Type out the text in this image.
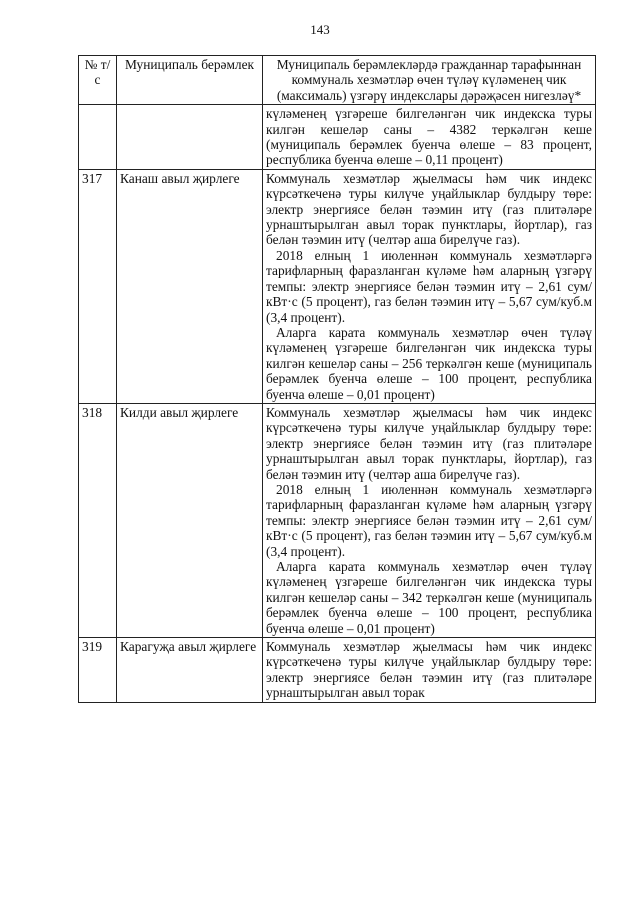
143
№ т/с	Муниципаль берәмлек	Муниципаль берәмлекләрдә гражданнар тарафыннан коммуналь хезмәтләр өчен түләү күләменең чик (максималь) үзгәрү индекслары дәрәҗәсен нигезләү*

		күләменең үзгәреше билгеләнгән чик индекска туры килгән кешеләр саны – 4382 теркәлгән кеше (муниципаль берәмлек буенча өлеше – 83 процент, республика буенча өлеше – 0,11 процент)

317	Канаш авыл җирлеге	Коммуналь хезмәтләр җыелмасы һәм чик индекс күрсәткеченә туры килүче уңайлыклар булдыру төре: электр энергиясе белән тәэмин итү (газ плитәләре урнаштырылган авыл торак пунктлары, йортлар), газ белән тәэмин итү (челтәр аша бирелүче газ).

2018 елның 1 июленнән коммуналь хезмәтләргә тарифларның фаразланган күләме һәм аларның үзгәрү темпы: электр энергиясе белән тәэмин итү – 2,61 сум/кВт·с (5 процент), газ белән тәэмин итү – 5,67 сум/куб.м (3,4 процент).

Аларга карата коммуналь хезмәтләр өчен түләү күләменең үзгәреше билгеләнгән чик индекска туры килгән кешеләр саны – 256 теркәлгән кеше (муниципаль берәмлек буенча өлеше – 100 процент, республика буенча өлеше – 0,01 процент)

318	Килди авыл җирлеге	Коммуналь хезмәтләр җыелмасы һәм чик индекс күрсәткеченә туры килүче уңайлыклар булдыру төре: электр энергиясе белән тәэмин итү (газ плитәләре урнаштырылган авыл торак пунктлары, йортлар), газ белән тәэмин итү (челтәр аша бирелүче газ).

2018 елның 1 июленнән коммуналь хезмәтләргә тарифларның фаразланган күләме һәм аларның үзгәрү темпы: электр энергиясе белән тәэмин итү – 2,61 сум/кВт·с (5 процент), газ белән тәэмин итү – 5,67 сум/куб.м (3,4 процент).

Аларга карата коммуналь хезмәтләр өчен түләү күләменең үзгәреше билгеләнгән чик индекска туры килгән кешеләр саны – 342 теркәлгән кеше (муниципаль берәмлек буенча өлеше – 100 процент, республика буенча өлеше – 0,01 процент)

319	Карагуҗа авыл җирлеге	Коммуналь хезмәтләр җыелмасы һәм чик индекс күрсәткеченә туры килүче уңайлыклар булдыру төре: электр энергиясе белән тәэмин итү (газ плитәләре урнаштырылган авыл торак
